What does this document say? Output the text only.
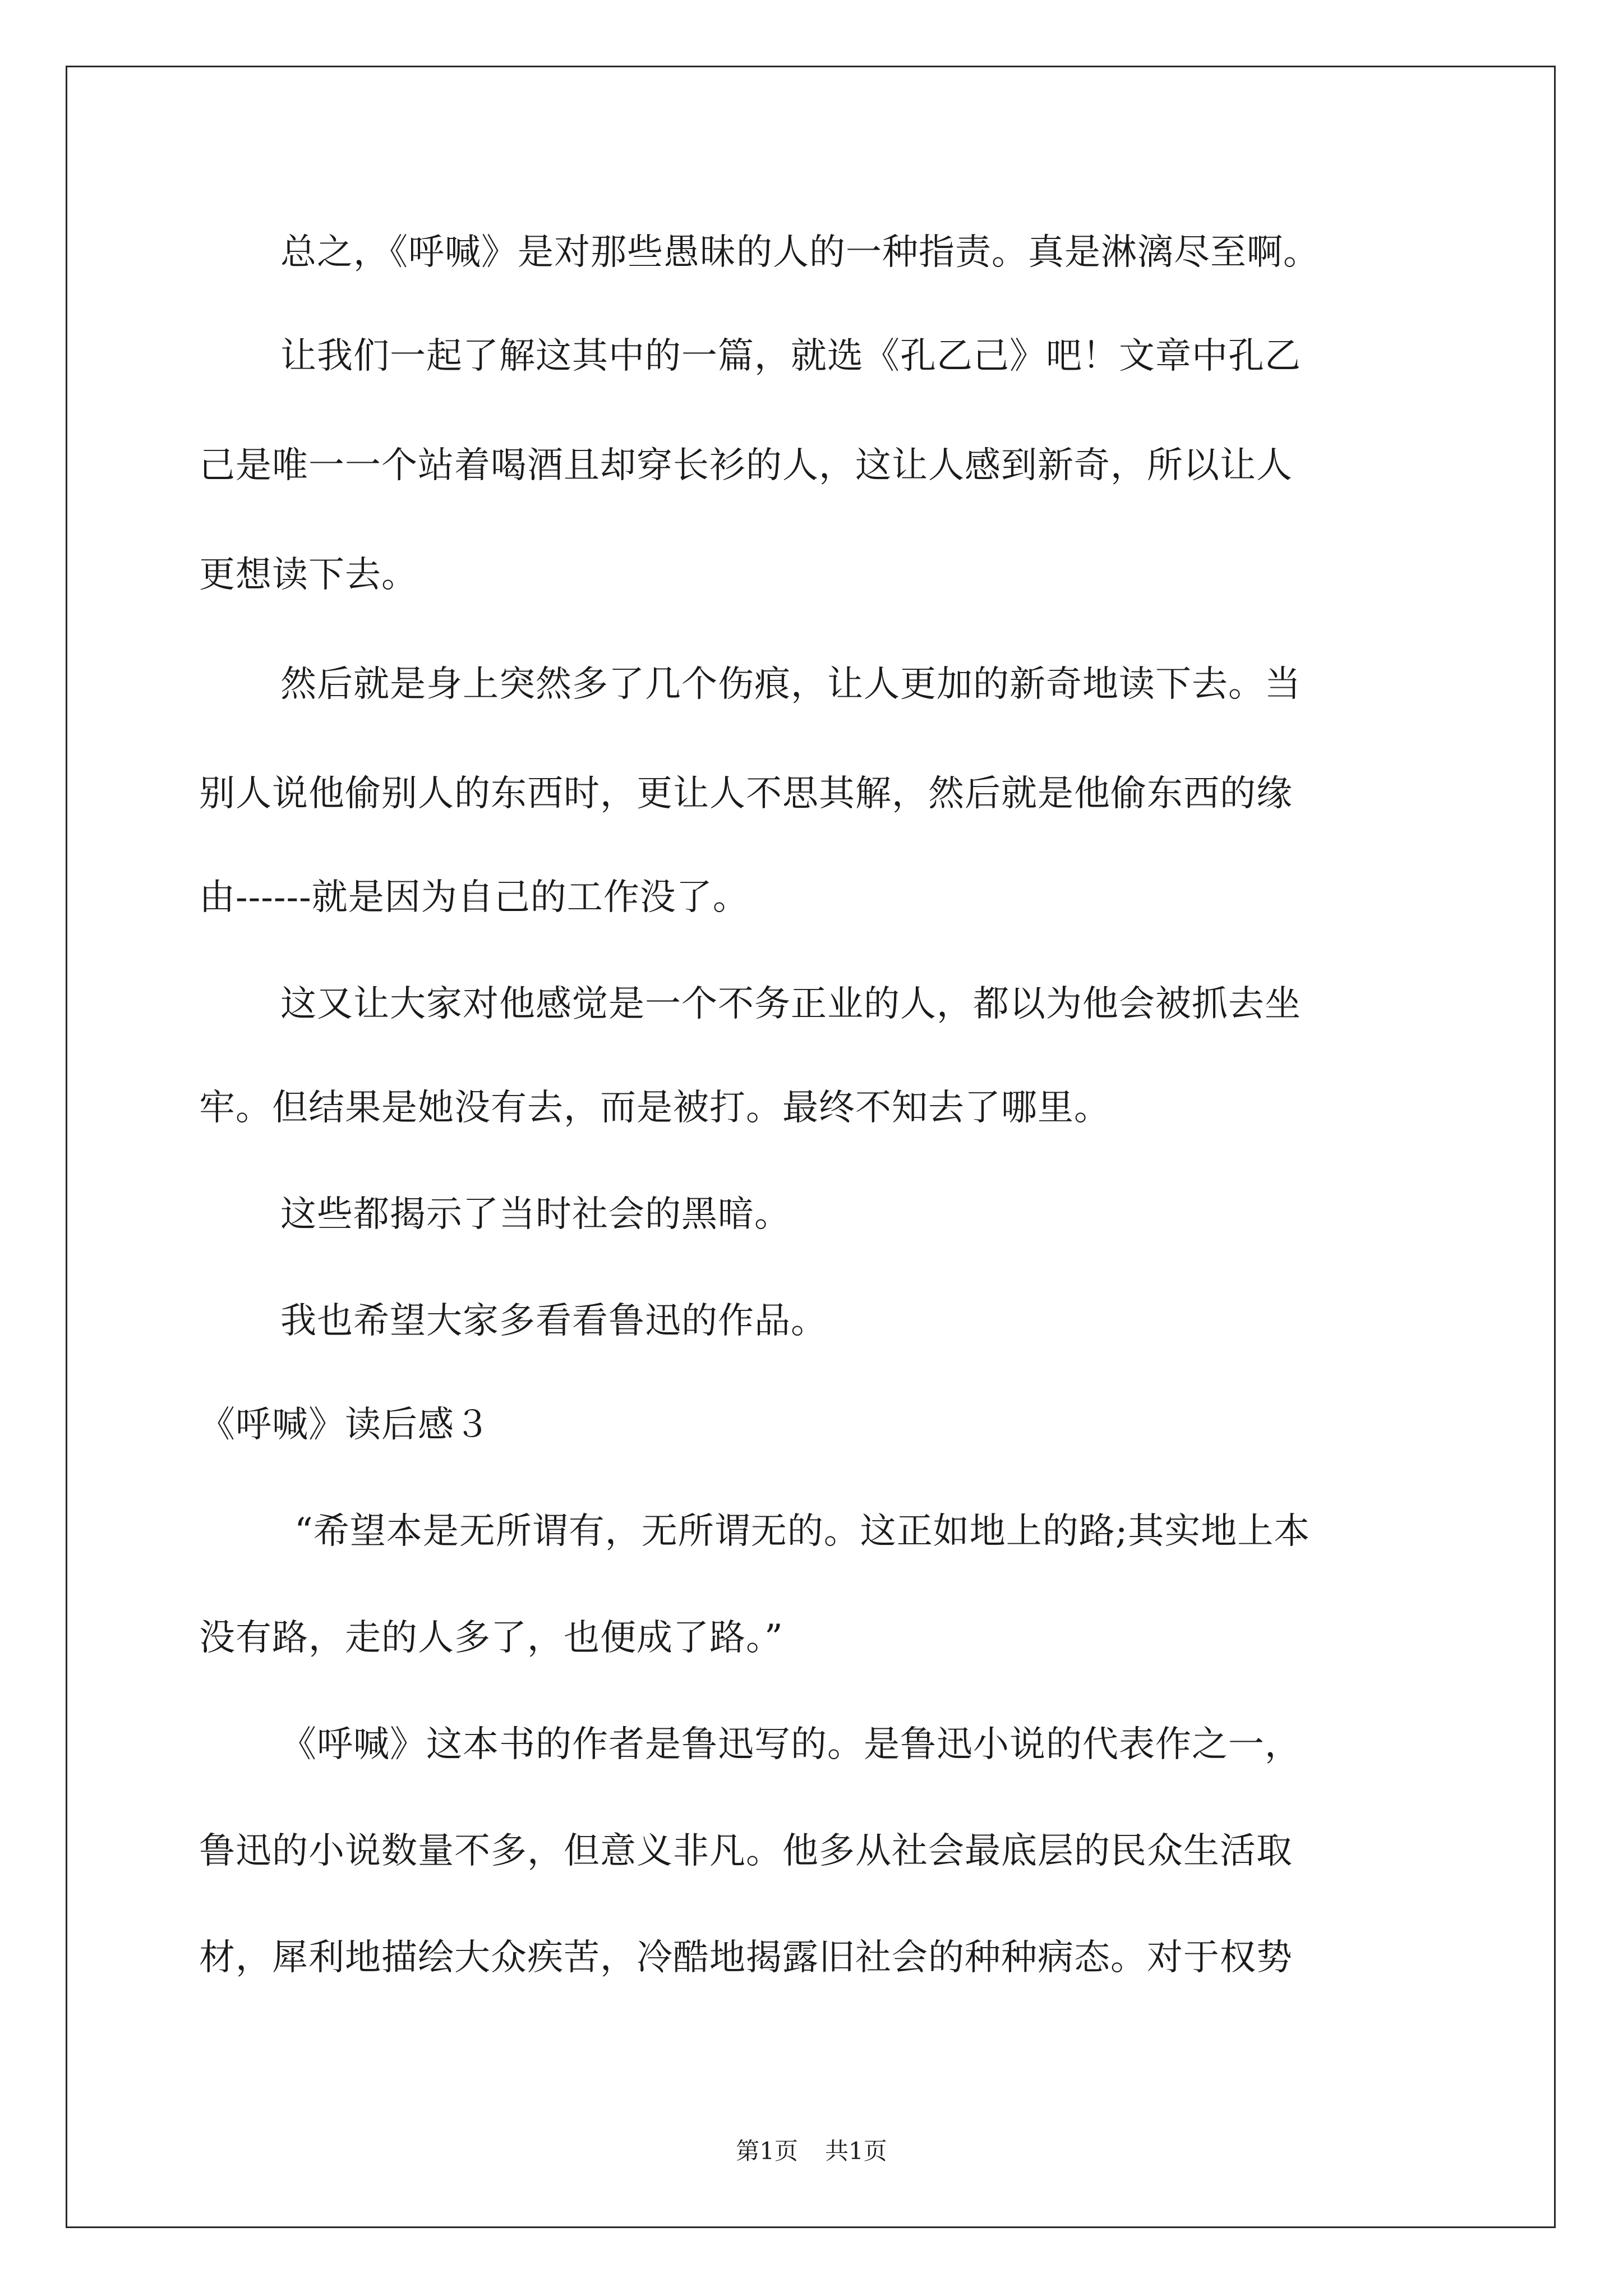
总之，《呼喊》是对那些愚昧的人的一种指责。真是淋漓尽至啊。
让我们一起了解这其中的一篇，就选《孔乙己》吧！文章中孔乙
己是唯一一个站着喝酒且却穿长衫的人，这让人感到新奇，所以让人
更想读下去。
然后就是身上突然多了几个伤痕，让人更加的新奇地读下去。当
别人说他偷别人的东西时，更让人不思其解，然后就是他偷东西的缘
由------就是因为自己的工作没了。
这又让大家对他感觉是一个不务正业的人，都以为他会被抓去坐
牢。但结果是她没有去，而是被打。最终不知去了哪里。
这些都揭示了当时社会的黑暗。
我也希望大家多看看鲁迅的作品。
《呼喊》读后感３
“希望本是无所谓有，无所谓无的。这正如地上的路;其实地上本
没有路，走的人多了，也便成了路。”
《呼喊》这本书的作者是鲁迅写的。是鲁迅小说的代表作之一，
鲁迅的小说数量不多，但意义非凡。他多从社会最底层的民众生活取
材，犀利地描绘大众疾苦，冷酷地揭露旧社会的种种病态。对于权势
第1页 共1页
